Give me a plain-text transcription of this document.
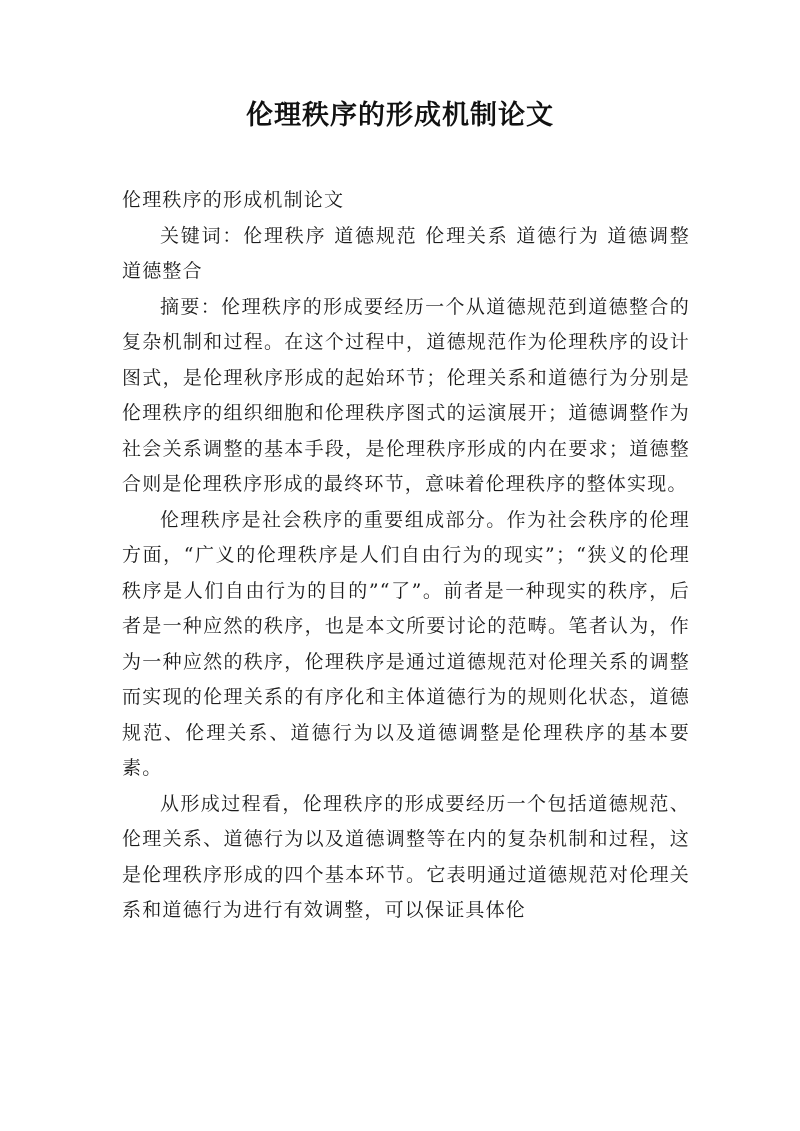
伦理秩序的形成机制论文

伦理秩序的形成机制论文

关键词：伦理秩序 道德规范 伦理关系 道德行为 道德调整 道德整合

摘要：伦理秩序的形成要经历一个从道德规范到道德整合的复杂机制和过程。在这个过程中，道德规范作为伦理秩序的设计图式，是伦理秋序形成的起始环节；伦理关系和道德行为分别是伦理秩序的组织细胞和伦理秩序图式的运演展开；道德调整作为社会关系调整的基本手段，是伦理秩序形成的内在要求；道德整合则是伦理秩序形成的最终环节，意味着伦理秩序的整体实现。

伦理秩序是社会秩序的重要组成部分。作为社会秩序的伦理方面，“广义的伦理秩序是人们自由行为的现实”；“狭义的伦理秩序是人们自由行为的目的”“了”。前者是一种现实的秩序，后者是一种应然的秩序，也是本文所要讨论的范畴。笔者认为，作为一种应然的秩序，伦理秩序是通过道德规范对伦理关系的调整而实现的伦理关系的有序化和主体道德行为的规则化状态，道德规范、伦理关系、道德行为以及道德调整是伦理秩序的基本要素。

从形成过程看，伦理秩序的形成要经历一个包括道德规范、伦理关系、道德行为以及道德调整等在内的复杂机制和过程，这是伦理秩序形成的四个基本环节。它表明通过道德规范对伦理关系和道德行为进行有效调整，可以保证具体伦
